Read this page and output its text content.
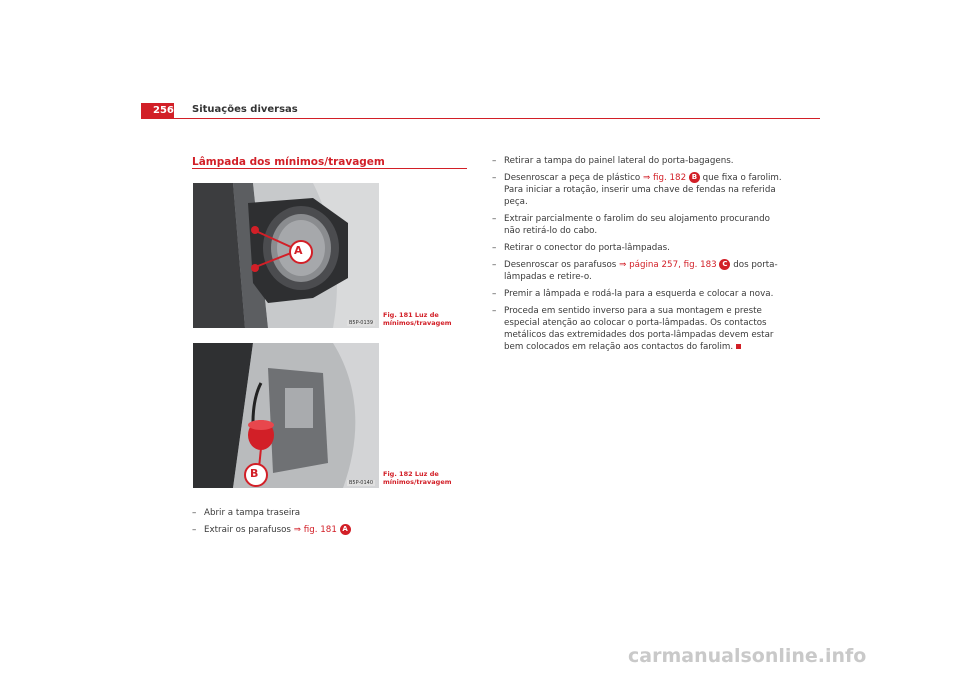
256 Situações diversas
Lâmpada dos mínimos/travagem
A
B5P-0139
Fig. 181 Luz de mínimos/travagem
B
B5P-0140
Fig. 182 Luz de mínimos/travagem
– Abrir a tampa traseira
– Extrair os parafusos ⇒ fig. 181 A
– Retirar a tampa do painel lateral do porta-bagagens.
– Desenroscar a peça de plástico ⇒ fig. 182 B que fixa o farolim. Para iniciar a rotação, inserir uma chave de fendas na referida peça.
– Extrair parcialmente o farolim do seu alojamento procurando não retirá-lo do cabo.
– Retirar o conector do porta-lâmpadas.
– Desenroscar os parafusos ⇒ página 257, fig. 183 C dos porta-lâmpadas e retire-o.
– Premir a lâmpada e rodá-la para a esquerda e colocar a nova.
– Proceda em sentido inverso para a sua montagem e preste especial atenção ao colocar o porta-lâmpadas. Os contactos metálicos das extremidades dos porta-lâmpadas devem estar bem colocados em relação aos contactos do farolim.
carmanualsonline.info
